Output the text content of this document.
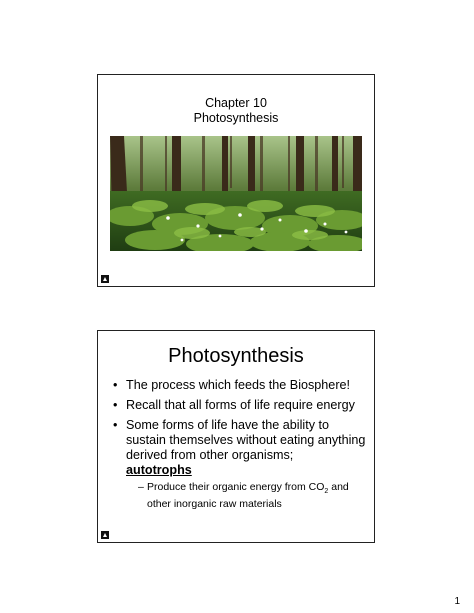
Chapter 10
Photosynthesis
Photosynthesis
• The process which feeds the Biosphere!
• Recall that all forms of life require energy
• Some forms of life have the ability to sustain themselves without eating anything derived from other organisms;
autotrophs
– Produce their organic energy from $CO_2$ and other inorganic raw materials
1
